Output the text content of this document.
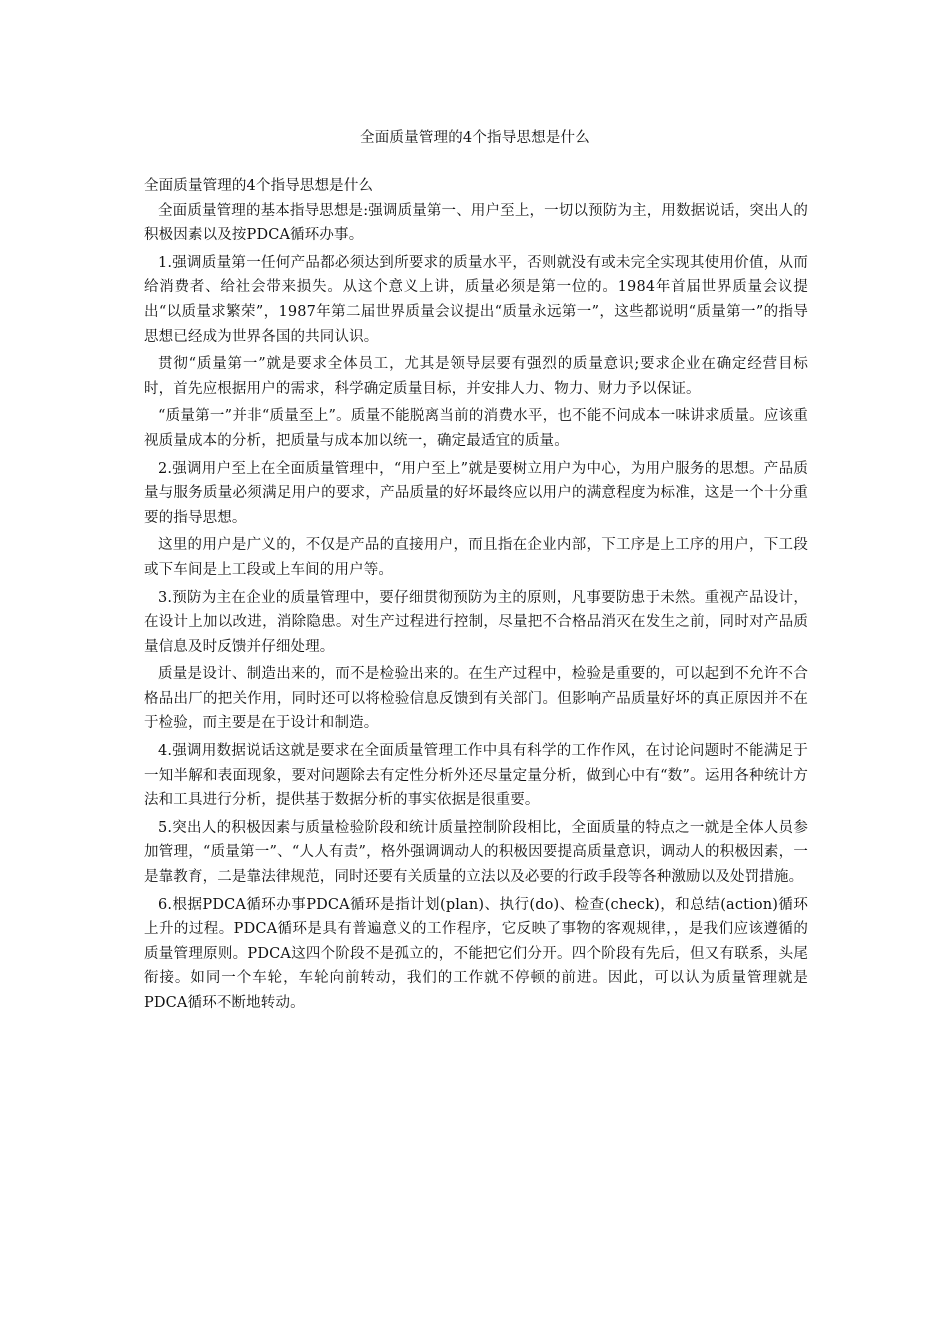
全面质量管理的4个指导思想是什么

全面质量管理的4个指导思想是什么

全面质量管理的基本指导思想是:强调质量第一、用户至上，一切以预防为主，用数据说话，突出人的积极因素以及按PDCA循环办事。

1.强调质量第一任何产品都必须达到所要求的质量水平，否则就没有或未完全实现其使用价值，从而给消费者、给社会带来损失。从这个意义上讲，质量必须是第一位的。1984年首届世界质量会议提出“以质量求繁荣”，1987年第二届世界质量会议提出“质量永远第一”，这些都说明“质量第一”的指导思想已经成为世界各国的共同认识。

贯彻“质量第一”就是要求全体员工，尤其是领导层要有强烈的质量意识;要求企业在确定经营目标时，首先应根据用户的需求，科学确定质量目标，并安排人力、物力、财力予以保证。

“质量第一”并非“质量至上”。质量不能脱离当前的消费水平，也不能不问成本一味讲求质量。应该重视质量成本的分析，把质量与成本加以统一，确定最适宜的质量。

2.强调用户至上在全面质量管理中，“用户至上”就是要树立用户为中心，为用户服务的思想。产品质量与服务质量必须满足用户的要求，产品质量的好坏最终应以用户的满意程度为标准，这是一个十分重要的指导思想。

这里的用户是广义的，不仅是产品的直接用户，而且指在企业内部，下工序是上工序的用户，下工段或下车间是上工段或上车间的用户等。

3.预防为主在企业的质量管理中，要仔细贯彻预防为主的原则，凡事要防患于未然。重视产品设计，在设计上加以改进，消除隐患。对生产过程进行控制，尽量把不合格品消灭在发生之前，同时对产品质量信息及时反馈并仔细处理。

质量是设计、制造出来的，而不是检验出来的。在生产过程中，检验是重要的，可以起到不允许不合格品出厂的把关作用，同时还可以将检验信息反馈到有关部门。但影响产品质量好坏的真正原因并不在于检验，而主要是在于设计和制造。

4.强调用数据说话这就是要求在全面质量管理工作中具有科学的工作作风，在讨论问题时不能满足于一知半解和表面现象，要对问题除去有定性分析外还尽量定量分析，做到心中有“数”。运用各种统计方法和工具进行分析，提供基于数据分析的事实依据是很重要。

5.突出人的积极因素与质量检验阶段和统计质量控制阶段相比，全面质量的特点之一就是全体人员参加管理，“质量第一”、“人人有责”，格外强调调动人的积极因要提高质量意识，调动人的积极因素，一是靠教育，二是靠法律规范，同时还要有关质量的立法以及必要的行政手段等各种激励以及处罚措施。

6.根据PDCA循环办事PDCA循环是指计划(plan)、执行(do)、检查(check)，和总结(action)循环上升的过程。PDCA循环是具有普遍意义的工作程序，它反映了事物的客观规律，，是我们应该遵循的质量管理原则。PDCA这四个阶段不是孤立的，不能把它们分开。四个阶段有先后，但又有联系，头尾衔接。如同一个车轮，车轮向前转动，我们的工作就不停顿的前进。因此，可以认为质量管理就是PDCA循环不断地转动。
